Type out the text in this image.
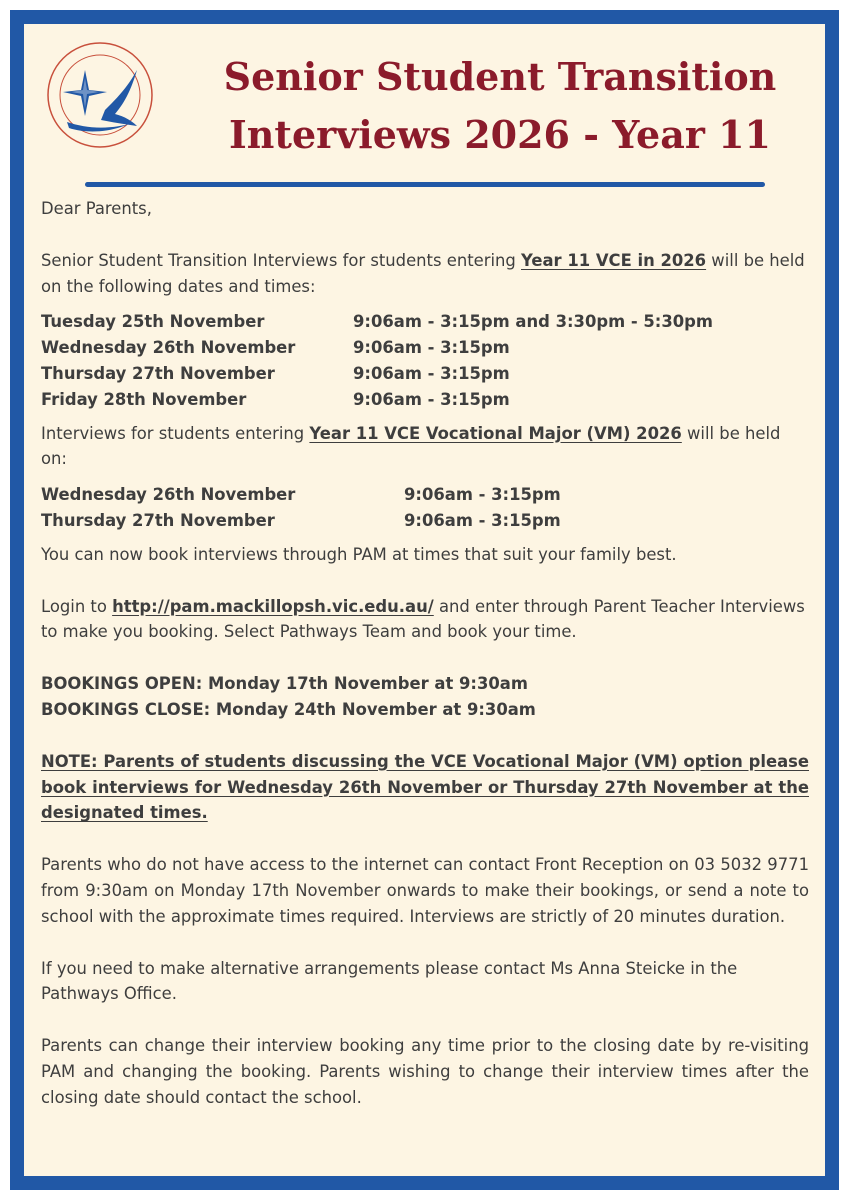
Senior Student Transition
Interviews 2026 - Year 11

Dear Parents,

Senior Student Transition Interviews for students entering Year 11 VCE in 2026 will be held on the following dates and times:

Tuesday 25th November	9:06am - 3:15pm and 3:30pm - 5:30pm
Wednesday 26th November	9:06am - 3:15pm
Thursday 27th November	9:06am - 3:15pm
Friday 28th November	9:06am - 3:15pm

Interviews for students entering Year 11 VCE Vocational Major (VM) 2026 will be held on:

Wednesday 26th November	9:06am - 3:15pm
Thursday 27th November	9:06am - 3:15pm

You can now book interviews through PAM at times that suit your family best.

Login to http://pam.mackillopsh.vic.edu.au/ and enter through Parent Teacher Interviews to make you booking. Select Pathways Team and book your time.

BOOKINGS OPEN: Monday 17th November at 9:30am

BOOKINGS CLOSE: Monday 24th November at 9:30am

NOTE: Parents of students discussing the VCE Vocational Major (VM) option please book interviews for Wednesday 26th November or Thursday 27th November at the designated times.

Parents who do not have access to the internet can contact Front Reception on 03 5032 9771 from 9:30am on Monday 17th November onwards to make their bookings, or send a note to school with the approximate times required. Interviews are strictly of 20 minutes duration.

If you need to make alternative arrangements please contact Ms Anna Steicke in the Pathways Office.

Parents can change their interview booking any time prior to the closing date by re-visiting PAM and changing the booking. Parents wishing to change their interview times after the closing date should contact the school.
